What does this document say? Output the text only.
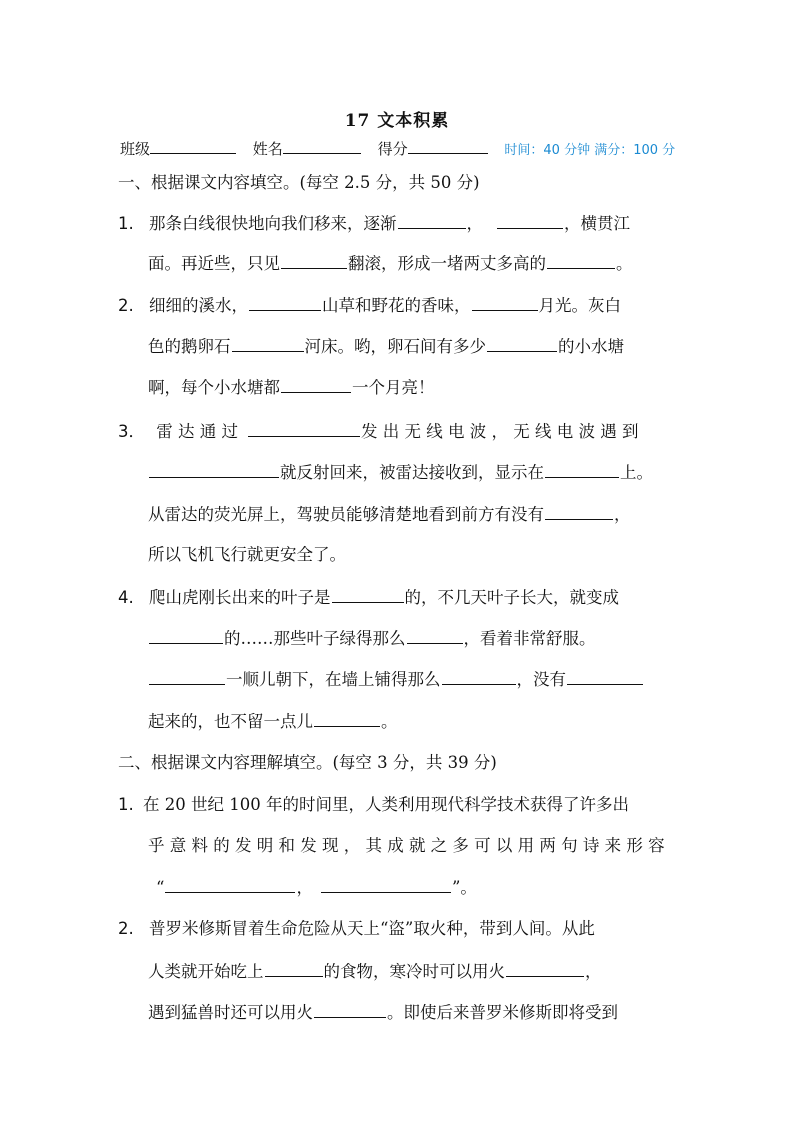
17 文本积累
班级	姓名	得分	时间：40 分钟 满分：100 分
一、根据课文内容填空。(每空 2.5 分，共 50 分)
1. 那条白线很快地向我们移来，逐渐	，	，横贯江
面。再近些，只见	翻滚，形成一堵两丈多高的	。
2. 细细的溪水，	山草和野花的香味，	月光。灰白
色的鹅卵石	河床。哟，卵石间有多少	的小水塘
啊，每个小水塘都	一个月亮！
3． 雷 达 通 过	发 出 无 线 电 波 ， 无 线 电 波 遇 到
就反射回来，被雷达接收到，显示在	上。
从雷达的荧光屏上，驾驶员能够清楚地看到前方有没有	，
所以飞机飞行就更安全了。
4. 爬山虎刚长出来的叶子是	的，不几天叶子长大，就变成
的……那些叶子绿得那么	，看着非常舒服。
一顺儿朝下，在墙上铺得那么	，没有
起来的，也不留一点儿	。
二、根据课文内容理解填空。(每空 3 分，共 39 分)
1. 在 20 世纪 100 年的时间里，人类利用现代科学技术获得了许多出
乎 意 料 的 发 明 和 发 现 ， 其 成 就 之 多 可 以 用 两 句 诗 来 形 容
“	，	”。
2. 普罗米修斯冒着生命危险从天上“盗”取火种，带到人间。从此
人类就开始吃上	的食物，寒冷时可以用火	，
遇到猛兽时还可以用火	。即使后来普罗米修斯即将受到
